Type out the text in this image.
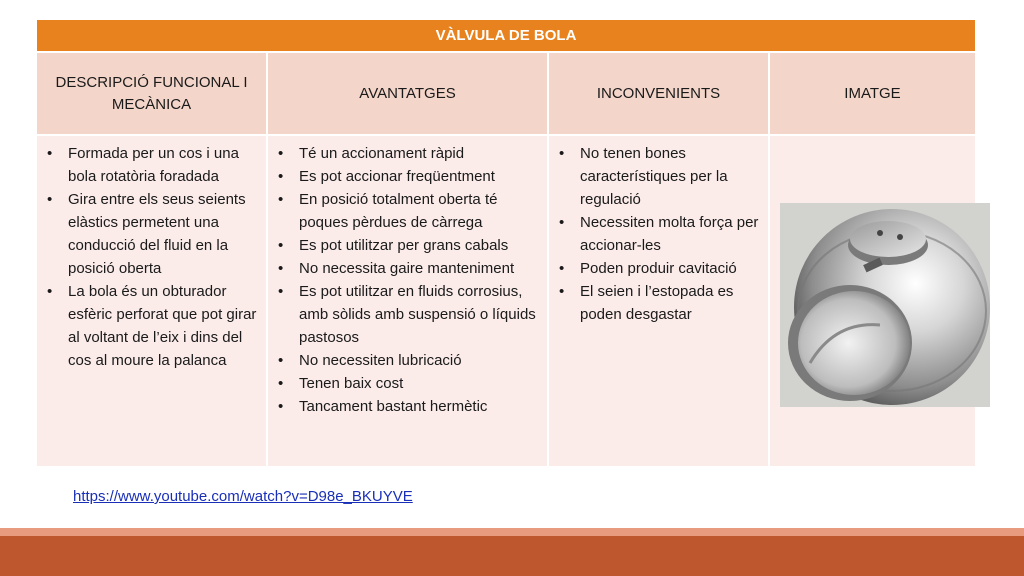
VÀLVULA DE BOLA
DESCRIPCIÓ FUNCIONAL I MECÀNICA
AVANTATGES	INCONVENIENTS	IMATGE
• Formada per un cos i una bola rotatòria foradada
• Gira entre els seus seients elàstics permetent una conducció del fluid en la posició oberta
• La bola és un obturador esfèric perforat que pot girar al voltant de l’eix i dins del cos al moure la palanca
• Té un accionament ràpid
• Es pot accionar freqüentment
• En posició totalment oberta té poques pèrdues de càrrega
• Es pot utilitzar per grans cabals
• No necessita gaire manteniment
• Es pot utilitzar en fluids corrosius, amb sòlids amb suspensió o líquids pastosos
• No necessiten lubricació
• Tenen baix cost
• Tancament bastant hermètic
• No tenen bones característiques per la regulació
• Necessiten molta força per accionar-les
• Poden produir cavitació
• El seien i l’estopada es poden desgastar
https://www.youtube.com/watch?v=D98e_BKUYVE
